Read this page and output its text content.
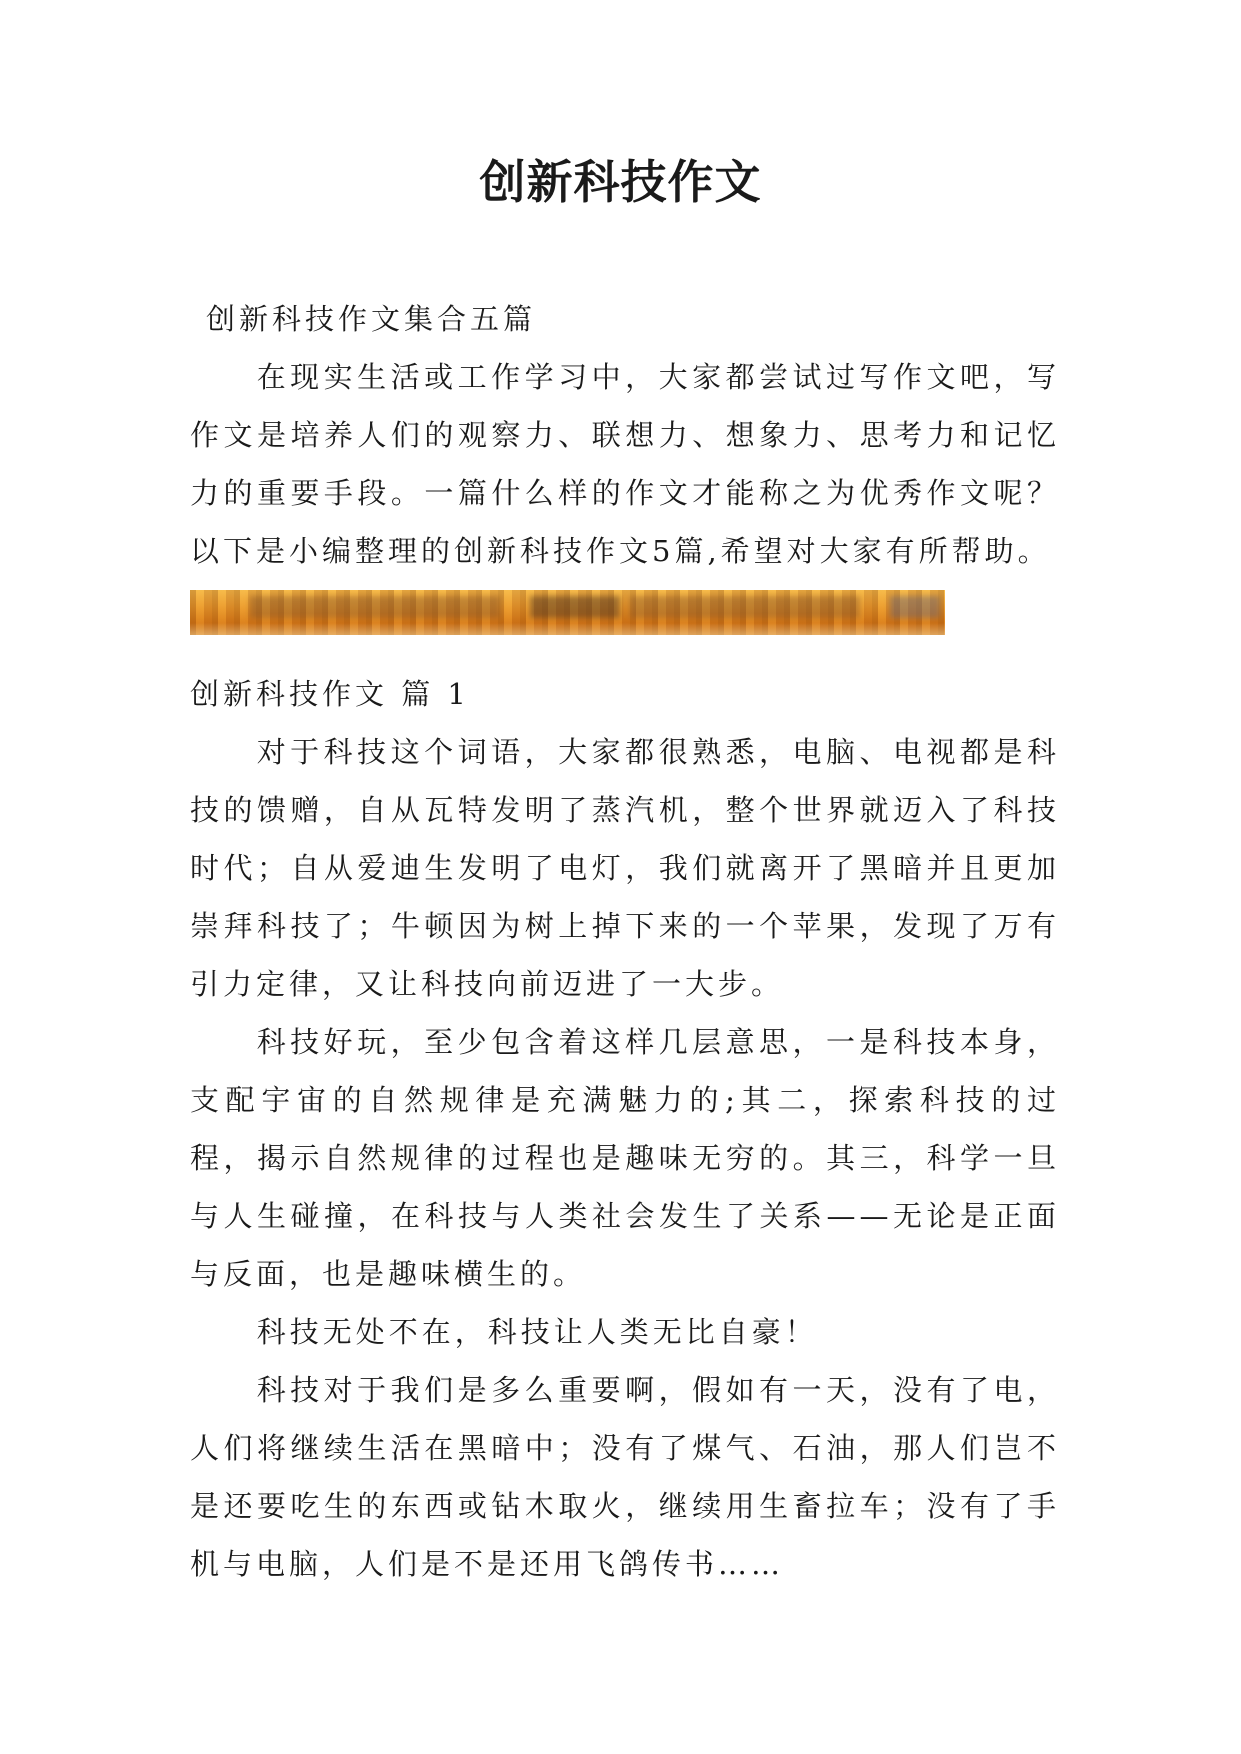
创新科技作文

创新科技作文集合五篇

在现实生活或工作学习中，大家都尝试过写作文吧，写作文是培养人们的观察力、联想力、想象力、思考力和记忆力的重要手段。一篇什么样的作文才能称之为优秀作文呢？以下是小编整理的创新科技作文5篇,希望对大家有所帮助。

创新科技作文 篇 1

对于科技这个词语，大家都很熟悉，电脑、电视都是科技的馈赠，自从瓦特发明了蒸汽机，整个世界就迈入了科技时代；自从爱迪生发明了电灯，我们就离开了黑暗并且更加崇拜科技了；牛顿因为树上掉下来的一个苹果，发现了万有引力定律，又让科技向前迈进了一大步。

科技好玩，至少包含着这样几层意思，一是科技本身，支配宇宙的自然规律是充满魅力的;其二，探索科技的过程，揭示自然规律的过程也是趣味无穷的。其三，科学一旦与人生碰撞，在科技与人类社会发生了关系——无论是正面与反面，也是趣味横生的。

科技无处不在，科技让人类无比自豪！

科技对于我们是多么重要啊，假如有一天，没有了电，人们将继续生活在黑暗中；没有了煤气、石油，那人们岂不是还要吃生的东西或钻木取火，继续用生畜拉车；没有了手机与电脑，人们是不是还用飞鸽传书……
